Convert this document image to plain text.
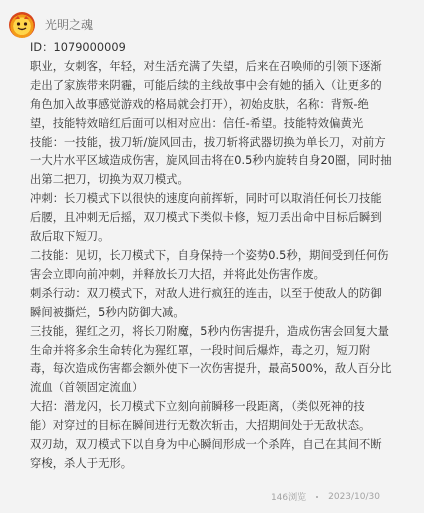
光明之魂

ID：1079000009

职业，女刺客，年轻，对生活充满了失望，后来在召唤师的引领下逐渐

走出了家族带来阴霾，可能后续的主线故事中会有她的插入（让更多的

角色加入故事感觉游戏的格局就会打开），初始皮肤，名称：背叛-绝

望，技能特效暗红后面可以相对应出：信任-希望。技能特效偏黄光

技能：一技能，拔刀斩/旋风回击，拔刀斩将武器切换为单长刀，对前方

一大片水平区域造成伤害，旋风回击将在0.5秒内旋转自身20圈，同时抽

出第二把刀，切换为双刀模式。

冲刺：长刀模式下以很快的速度向前挥斩，同时可以取消任何长刀技能

后腰，且冲刺无后摇，双刀模式下类似卡修，短刀丢出命中目标后瞬到

敌后取下短刀。

二技能：见切，长刀模式下，自身保持一个姿势0.5秒，期间受到任何伤

害会立即向前冲刺，并释放长刀大招，并将此处伤害作废。

刺杀行动：双刀模式下，对敌人进行疯狂的连击，以至于使敌人的防御

瞬间被撕烂，5秒内防御大减。

三技能，猩红之刃，将长刀附魔，5秒内伤害提升，造成伤害会回复大量

生命并将多余生命转化为猩红罩，一段时间后爆炸，毒之刃，短刀附

毒，每次造成伤害都会额外使下一次伤害提升，最高500%，敌人百分比

流血（首领固定流血）

大招：潜龙闪，长刀模式下立刻向前瞬移一段距离，（类似死神的技

能）对穿过的目标在瞬间进行无数次斩击，大招期间处于无敌状态。

双刃劫，双刀模式下以自身为中心瞬间形成一个杀阵，自己在其间不断

穿梭，杀人于无形。

146浏览 2023/10/30
